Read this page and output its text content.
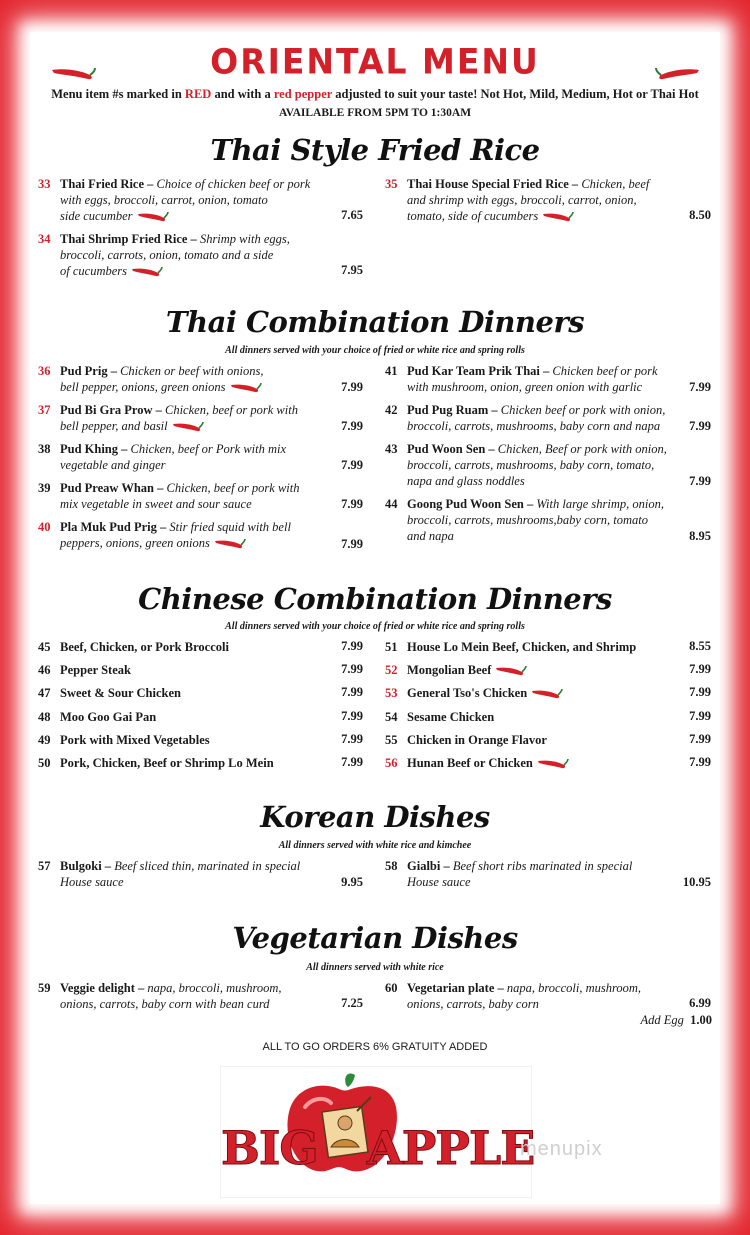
ORIENTAL MENU
Menu item #s marked in RED and with a red pepper adjusted to suit your taste! Not Hot, Mild, Medium, Hot or Thai Hot
AVAILABLE FROM 5PM TO 1:30AM
Thai Style Fried Rice
33 Thai Fried Rice – Choice of chicken beef or pork
with eggs, broccoli, carrot, onion, tomato
side cucumber	7.65
34 Thai Shrimp Fried Rice – Shrimp with eggs,
broccoli, carrots, onion, tomato and a side
of cucumbers	7.95
35 Thai House Special Fried Rice – Chicken, beef
and shrimp with eggs, broccoli, carrot, onion,
tomato, side of cucumbers	8.50
Thai Combination Dinners
All dinners served with your choice of fried or white rice and spring rolls
36 Pud Prig – Chicken or beef with onions,
bell pepper, onions, green onions	7.99
37 Pud Bi Gra Prow – Chicken, beef or pork with
bell pepper, and basil	7.99
38 Pud Khing – Chicken, beef or Pork with mix
vegetable and ginger	7.99
39 Pud Preaw Whan – Chicken, beef or pork with
mix vegetable in sweet and sour sauce	7.99
40 Pla Muk Pud Prig – Stir fried squid with bell
peppers, onions, green onions	7.99
41 Pud Kar Team Prik Thai – Chicken beef or pork
with mushroom, onion, green onion with garlic	7.99
42 Pud Pug Ruam – Chicken beef or pork with onion,
broccoli, carrots, mushrooms, baby corn and napa	7.99
43 Pud Woon Sen – Chicken, Beef or pork with onion,
broccoli, carrots, mushrooms, baby corn, tomato,
napa and glass noddles	7.99
44 Goong Pud Woon Sen – With large shrimp, onion,
broccoli, carrots, mushrooms,baby corn, tomato
and napa	8.95
Chinese Combination Dinners
All dinners served with your choice of fried or white rice and spring rolls
45 Beef, Chicken, or Pork Broccoli	7.99
46 Pepper Steak	7.99
47 Sweet & Sour Chicken	7.99
48 Moo Goo Gai Pan	7.99
49 Pork with Mixed Vegetables	7.99
50 Pork, Chicken, Beef or Shrimp Lo Mein	7.99
51 House Lo Mein Beef, Chicken, and Shrimp	8.55
52 Mongolian Beef	7.99
53 General Tso's Chicken	7.99
54 Sesame Chicken	7.99
55 Chicken in Orange Flavor	7.99
56 Hunan Beef or Chicken	7.99
Korean Dishes
All dinners served with white rice and kimchee
57 Bulgoki – Beef sliced thin, marinated in special
House sauce	9.95
58 Gialbi – Beef short ribs marinated in special
House sauce	10.95
Vegetarian Dishes
All dinners served with white rice
59 Veggie delight – napa, broccoli, mushroom,
onions, carrots, baby corn with bean curd	7.25
60 Vegetarian plate – napa, broccoli, mushroom,
onions, carrots, baby corn	6.99
Add Egg 1.00
ALL TO GO ORDERS 6% GRATUITY ADDED
BIG APPLE
menupix
